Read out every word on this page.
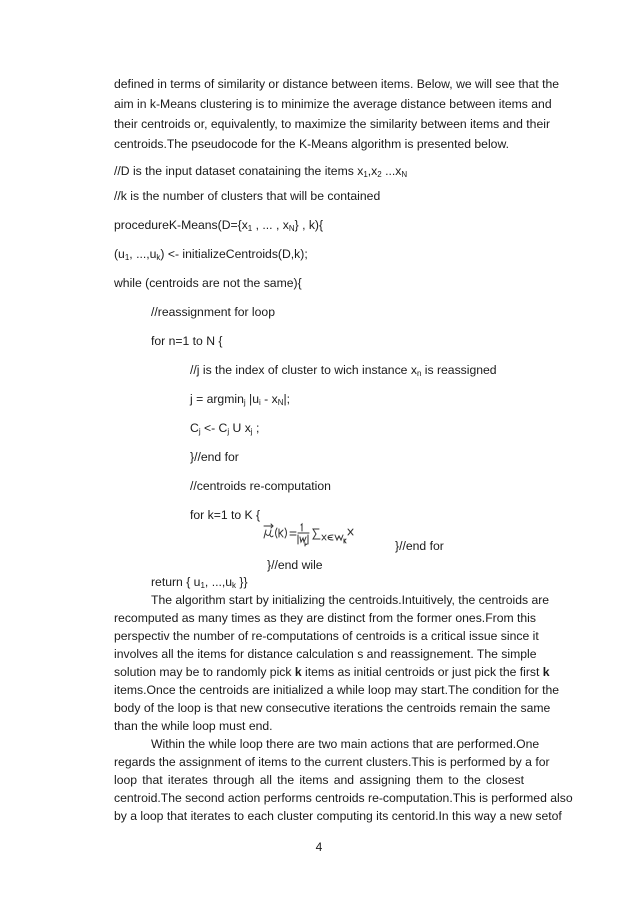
defined in terms of similarity or distance between items. Below, we will see that the
aim in k-Means clustering is to minimize the average distance between items and
their centroids or, equivalently, to maximize the similarity between items and their
centroids.The pseudocode for the K-Means algorithm is presented below.
//D is the input dataset conataining the items $x_1,x_2$ $...x_N$
//k is the number of clusters that will be contained
procedureK-$Means(D=\{x_1$ , ... , $x_N$} , k){
($u_1$, $...,u_k$) <- initializeCentroids(D,k);
while (centroids are not the same){
//reassignment for loop
for n=1 to N {
//j is the index of cluster to wich instance $x_n$ is reassigned
j = argmin$_j$ $|u_i - x_N|$;
$C_j <- C_j$ U $x_j$ ;
}//end for
//centroids re-computation
for k=1 to K {
}//end for
}//end wile
return { $u_1$, $...,u_k$ }}
The algorithm start by initializing the centroids.Intuitively, the centroids are
recomputed as many times as they are distinct from the former ones.From this
perspectiv the number of re-computations of centroids is a critical issue since it
involves all the items for distance calculation s and reassignement. The simple
solution may be to randomly pick k items as initial centroids or just pick the first k
items.Once the centroids are initialized a while loop may start.The condition for the
body of the loop is that new consecutive iterations the centroids remain the same
than the while loop must end.
Within the while loop there are two main actions that are performed.One
regards the assignment of items to the current clusters.This is performed by a for
loop that iterates through all the items and assigning them to the closest
centroid.The second action performs centroids re-computation.This is performed also
by a loop that iterates to each cluster computing its centorid.In this way a new setof
4
